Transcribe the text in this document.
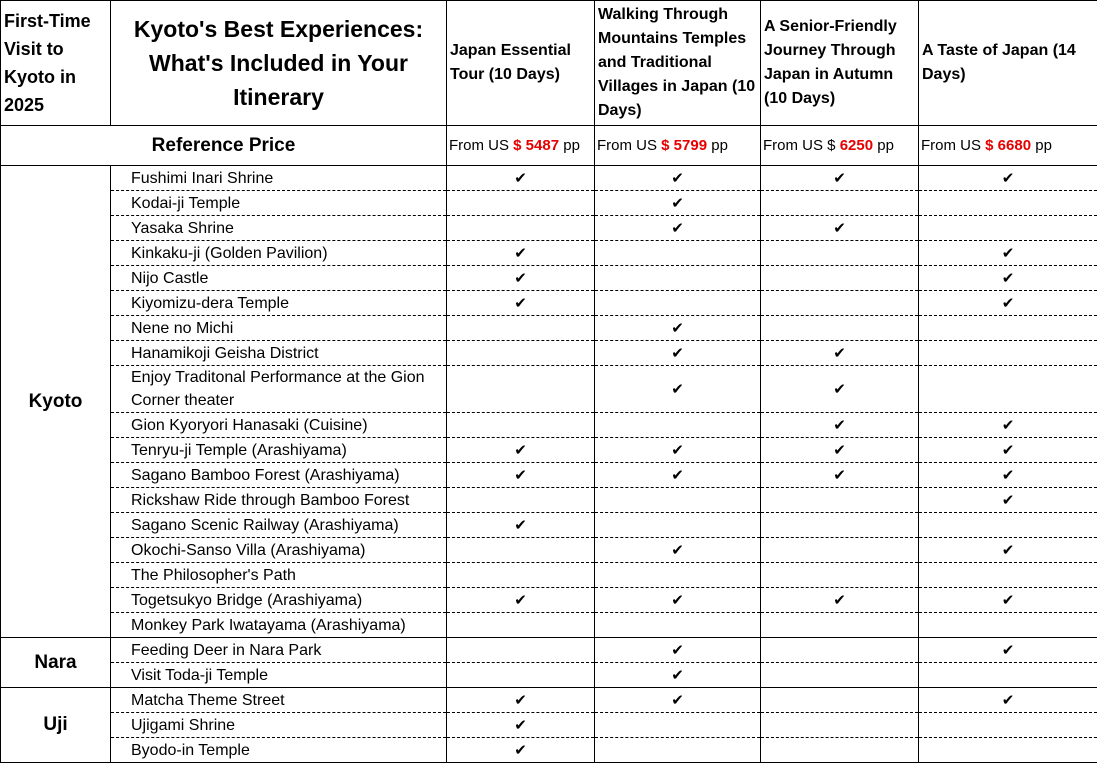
First-Time Visit to Kyoto in 2025	Kyoto's Best Experiences: What's Included in Your Itinerary	Japan Essential Tour (10 Days)	Walking Through Mountains Temples and Traditional Villages in Japan (10 Days)	A Senior-Friendly Journey Through Japan in Autumn (10 Days)	A Taste of Japan (14 Days)
Reference Price		From US $ 5487 pp	From US $ 5799 pp	From US $ 6250 pp	From US $ 6680 pp
Kyoto	Fushimi Inari Shrine	✔	✔	✔	✔
	Kodai-ji Temple		✔		
	Yasaka Shrine		✔	✔	
	Kinkaku-ji (Golden Pavilion)	✔			✔
	Nijo Castle	✔			✔
	Kiyomizu-dera Temple	✔			✔
	Nene no Michi		✔		
	Hanamikoji Geisha District		✔	✔	
	Enjoy Traditonal Performance at the Gion Corner theater		✔	✔	
	Gion Kyoryori Hanasaki (Cuisine)			✔	✔
	Tenryu-ji Temple (Arashiyama)	✔	✔	✔	✔
	Sagano Bamboo Forest (Arashiyama)	✔	✔	✔	✔
	Rickshaw Ride through Bamboo Forest				✔
	Sagano Scenic Railway (Arashiyama)	✔			
	Okochi-Sanso Villa (Arashiyama)		✔		✔
	The Philosopher's Path				
	Togetsukyo Bridge (Arashiyama)	✔	✔	✔	✔
	Monkey Park Iwatayama (Arashiyama)				
Nara	Feeding Deer in Nara Park		✔		✔
	Visit Toda-ji Temple		✔		
Uji	Matcha Theme Street	✔	✔		✔
	Ujigami Shrine	✔			
	Byodo-in Temple	✔			
